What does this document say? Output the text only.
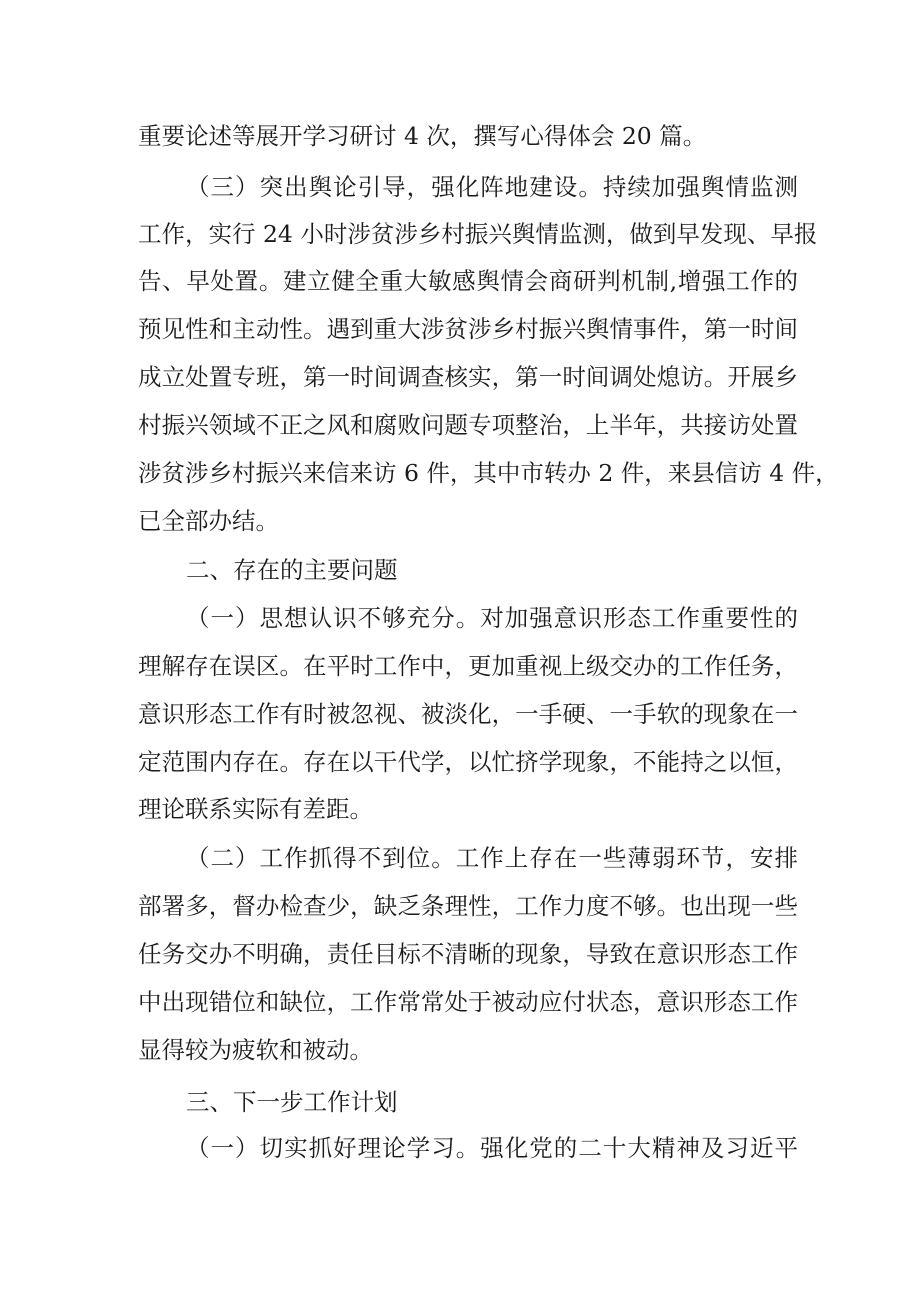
重要论述等展开学习研讨 4 次，撰写心得体会 20 篇。
（三）突出舆论引导，强化阵地建设。持续加强舆情监测
工作，实行 24 小时涉贫涉乡村振兴舆情监测，做到早发现、早报
告、早处置。建立健全重大敏感舆情会商研判机制,增强工作的
预见性和主动性。遇到重大涉贫涉乡村振兴舆情事件，第一时间
成立处置专班，第一时间调查核实，第一时间调处熄访。开展乡
村振兴领域不正之风和腐败问题专项整治，上半年，共接访处置
涉贫涉乡村振兴来信来访 6 件，其中市转办 2 件，来县信访 4 件，
已全部办结。
二、存在的主要问题
（一）思想认识不够充分。对加强意识形态工作重要性的
理解存在误区。在平时工作中，更加重视上级交办的工作任务，
意识形态工作有时被忽视、被淡化，一手硬、一手软的现象在一
定范围内存在。存在以干代学，以忙挤学现象，不能持之以恒，
理论联系实际有差距。
（二）工作抓得不到位。工作上存在一些薄弱环节，安排
部署多，督办检查少，缺乏条理性，工作力度不够。也出现一些
任务交办不明确，责任目标不清晰的现象，导致在意识形态工作
中出现错位和缺位，工作常常处于被动应付状态，意识形态工作
显得较为疲软和被动。
三、下一步工作计划
（一）切实抓好理论学习。强化党的二十大精神及习近平
